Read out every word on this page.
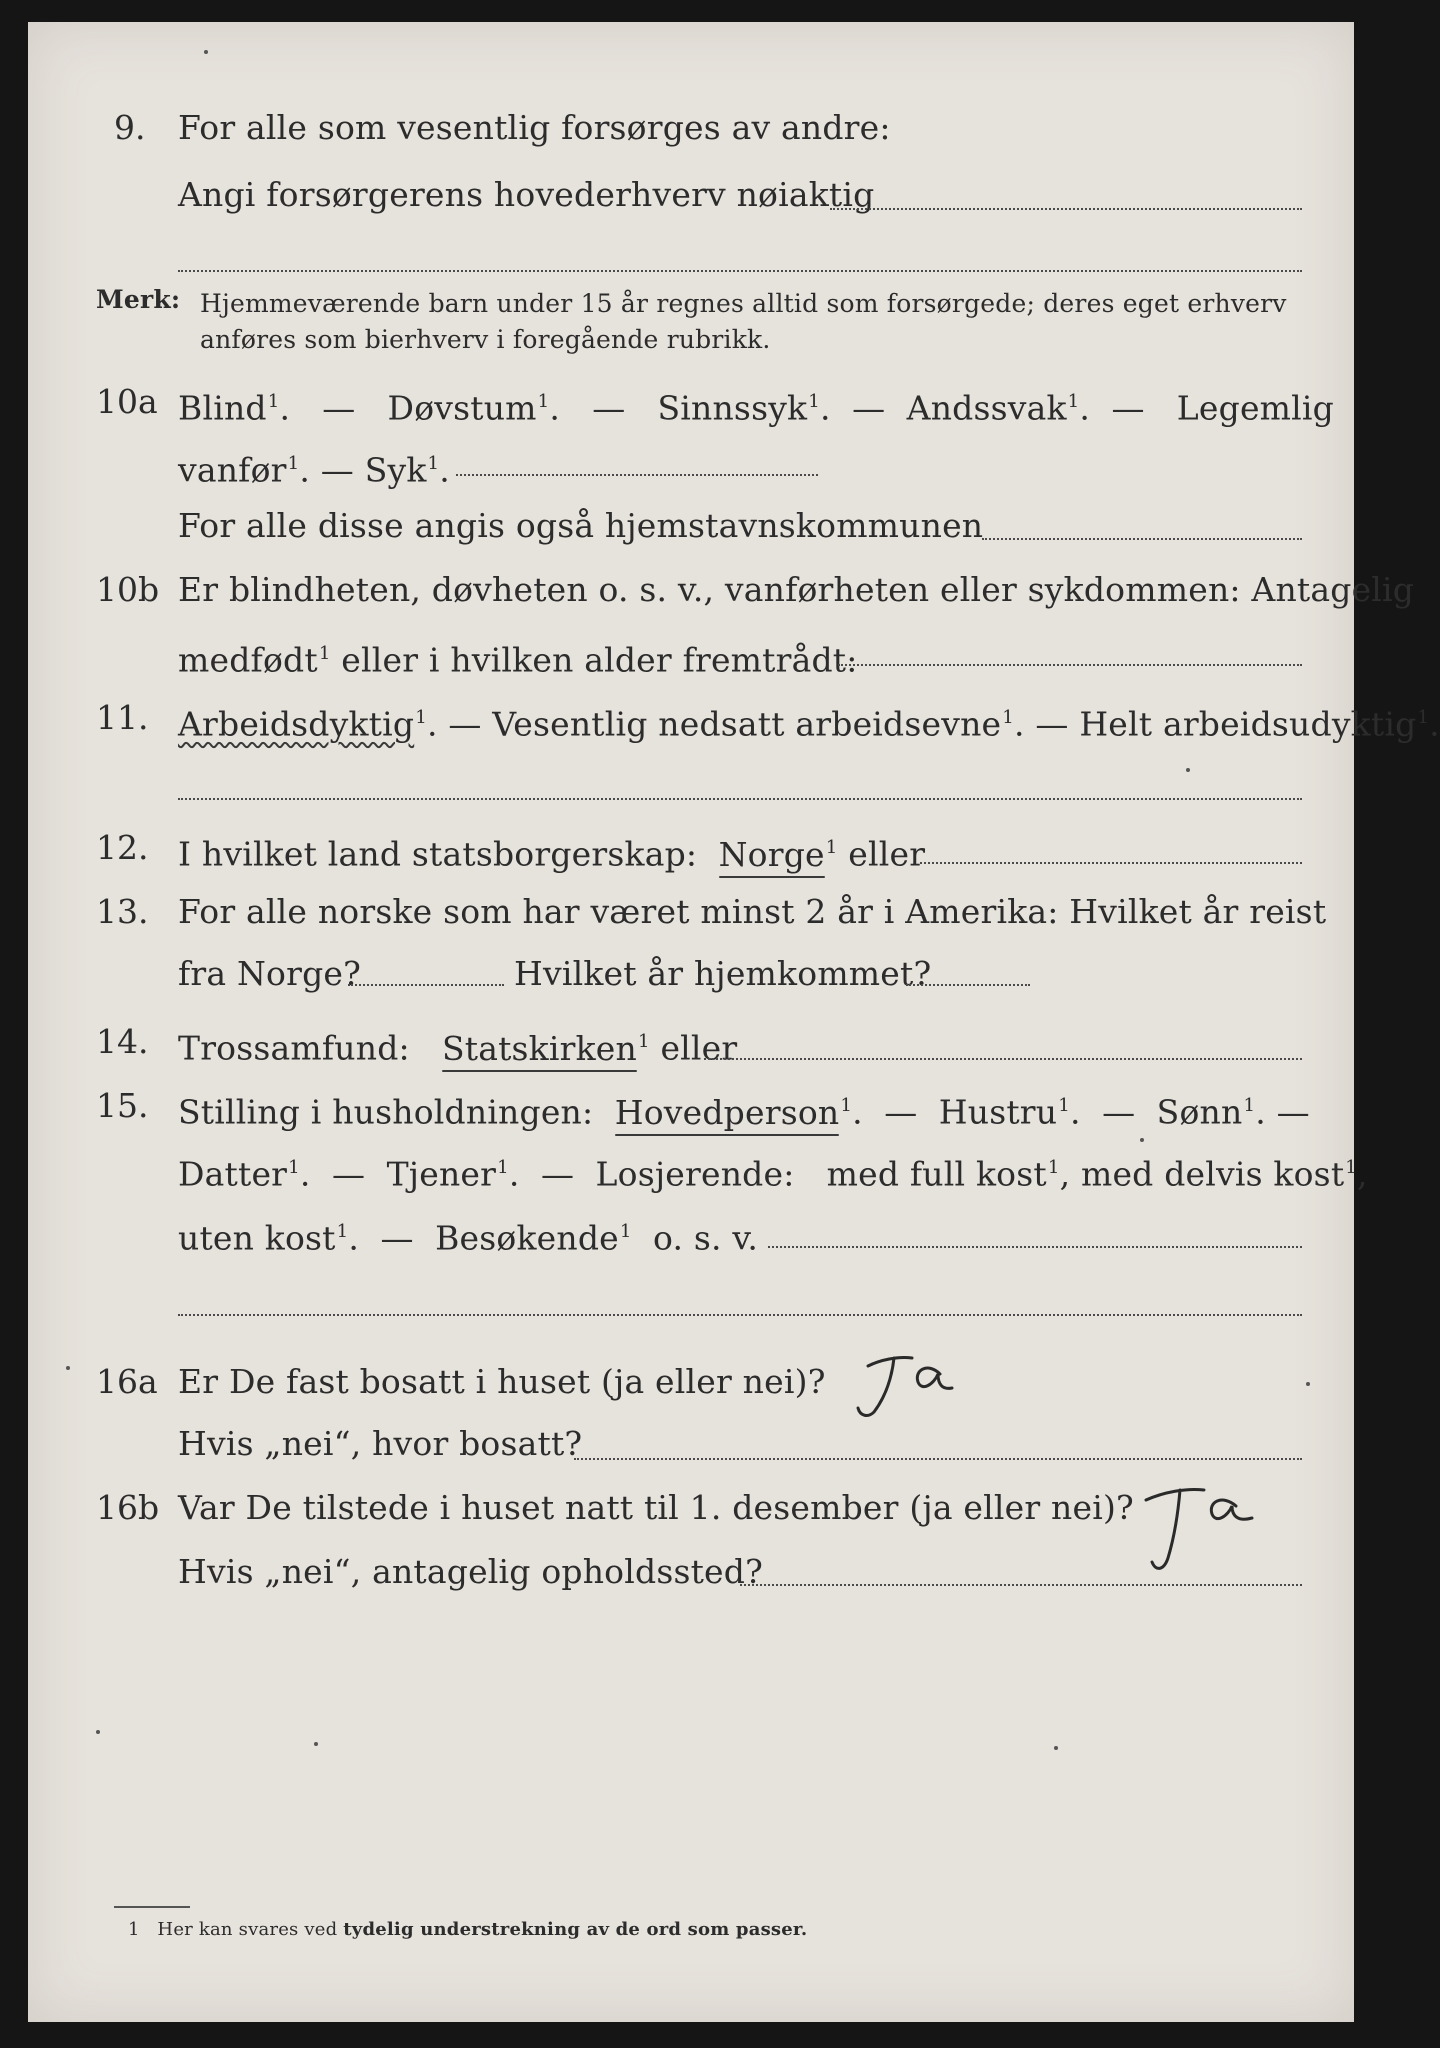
9. For alle som vesentlig forsørges av andre:
Angi forsørgerens hovederhverv nøiaktig
Merk: Hjemmeværende barn under 15 år regnes alltid som forsørgede; deres eget erhverv
anføres som bierhverv i foregående rubrikk.
10a Blind$^1$.   — Døvstum$^1$.   — Sinnssyk$^1$.  — Andssvak$^1$.  — Legemlig
vanfør$^1$. — Syk$^1$.
For alle disse angis også hjemstavnskommunen
10b Er blindheten, døvheten o. s. v., vanførheten eller sykdommen: Antagelig
medfødt$^1$ eller i hvilken alder fremtrådt:
11. Arbeidsdyktig$^1$. — Vesentlig nedsatt arbeidsevne$^1$. — Helt arbeidsudyktig$^1$.
12. I hvilket land statsborgerskap: Norge$^1$ eller
13. For alle norske som har været minst 2 år i Amerika: Hvilket år reist
fra Norge?	Hvilket år hjemkommet?
14. Trossamfund: Statskirken$^1$ eller
15. Stilling i husholdningen: Hovedperson$^1$.  — Hustru$^1$.  — Sønn$^1$. —
Datter$^1$.  — Tjener$^1$.  — Losjerende: med full kost$^1$, med delvis kost$^1$,
uten kost$^1$.  — Besøkende$^1$ o. s. v.
16a Er De fast bosatt i huset (ja eller nei)?
Hvis „nei“, hvor bosatt?
16b Var De tilstede i huset natt til 1. desember (ja eller nei)?
Hvis „nei“, antagelig opholdssted?
1 Her kan svares ved tydelig understrekning av de ord som passer.
